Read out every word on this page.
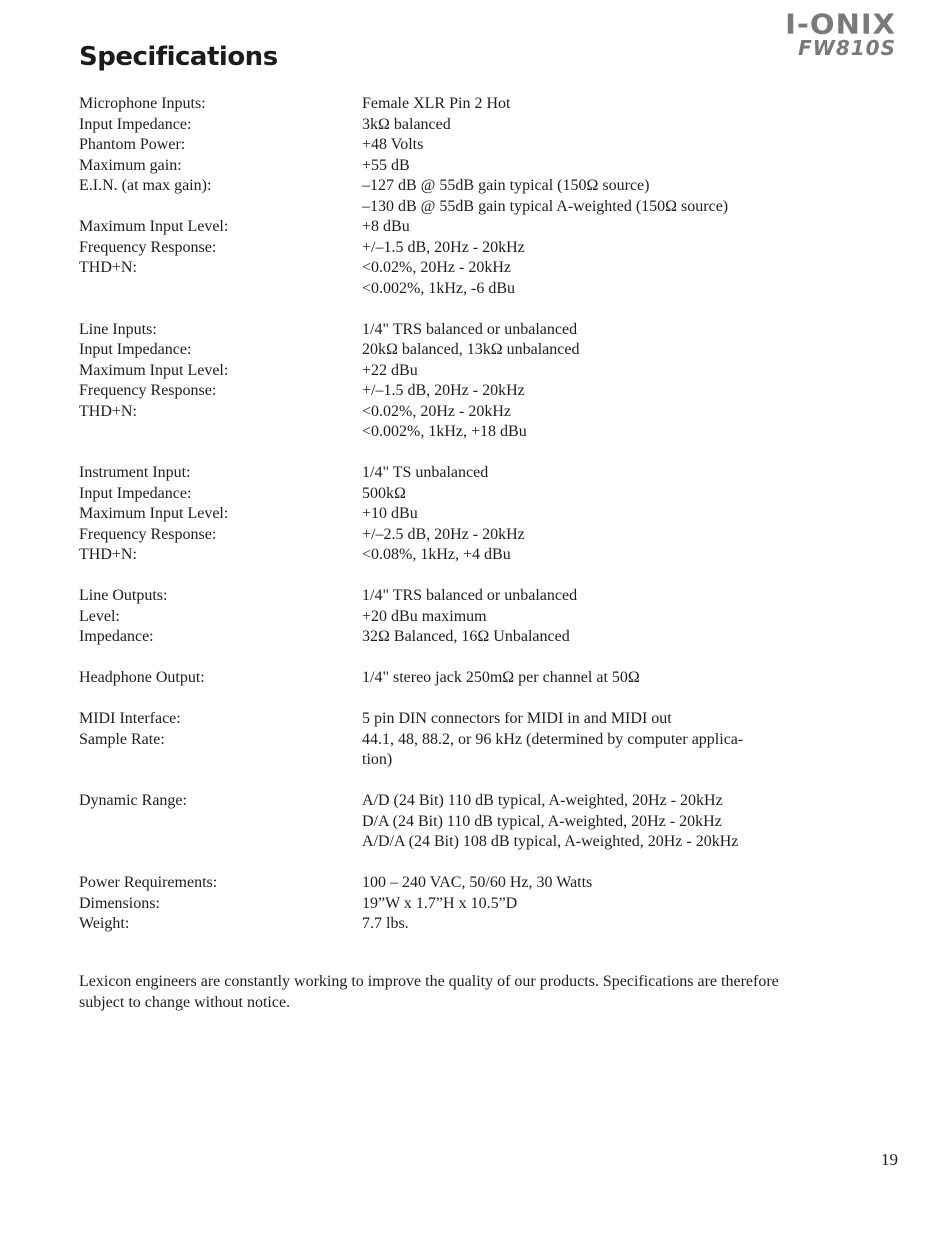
I-ONIX
FW810S
Specifications
Microphone Inputs:	Female XLR Pin 2 Hot
Input Impedance:	3kΩ balanced
Phantom Power:	+48 Volts
Maximum gain:	+55 dB
E.I.N. (at max gain):	–127 dB @ 55dB gain typical (150Ω source)
–130 dB @ 55dB gain typical A-weighted (150Ω source)
Maximum Input Level:	+8 dBu
Frequency Response:	+/–1.5 dB, 20Hz - 20kHz
THD+N:	<0.02%, 20Hz - 20kHz
<0.002%, 1kHz, -6 dBu
Line Inputs:	1/4" TRS balanced or unbalanced
Input Impedance:	20kΩ balanced, 13kΩ unbalanced
Maximum Input Level:	+22 dBu
Frequency Response:	+/–1.5 dB, 20Hz - 20kHz
THD+N:	<0.02%, 20Hz - 20kHz
<0.002%, 1kHz, +18 dBu
Instrument Input:	1/4" TS unbalanced
Input Impedance:	500kΩ
Maximum Input Level:	+10 dBu
Frequency Response:	+/–2.5 dB, 20Hz - 20kHz
THD+N:	<0.08%, 1kHz, +4 dBu
Line Outputs:	1/4" TRS balanced or unbalanced
Level:	+20 dBu maximum
Impedance:	32Ω Balanced, 16Ω Unbalanced
Headphone Output:	1/4" stereo jack 250mΩ per channel at 50Ω
MIDI Interface:	5 pin DIN connectors for MIDI in and MIDI out
Sample Rate:	44.1, 48, 88.2, or 96 kHz (determined by computer applica-
tion)
Dynamic Range:	A/D (24 Bit) 110 dB typical, A-weighted, 20Hz - 20kHz
D/A (24 Bit) 110 dB typical, A-weighted, 20Hz - 20kHz
A/D/A (24 Bit) 108 dB typical, A-weighted, 20Hz - 20kHz
Power Requirements:	100 – 240 VAC, 50/60 Hz, 30 Watts
Dimensions:	19”W x 1.7”H x 10.5”D
Weight:	7.7 lbs.

Lexicon engineers are constantly working to improve the quality of our products. Specifications are therefore subject to change without notice.

19
